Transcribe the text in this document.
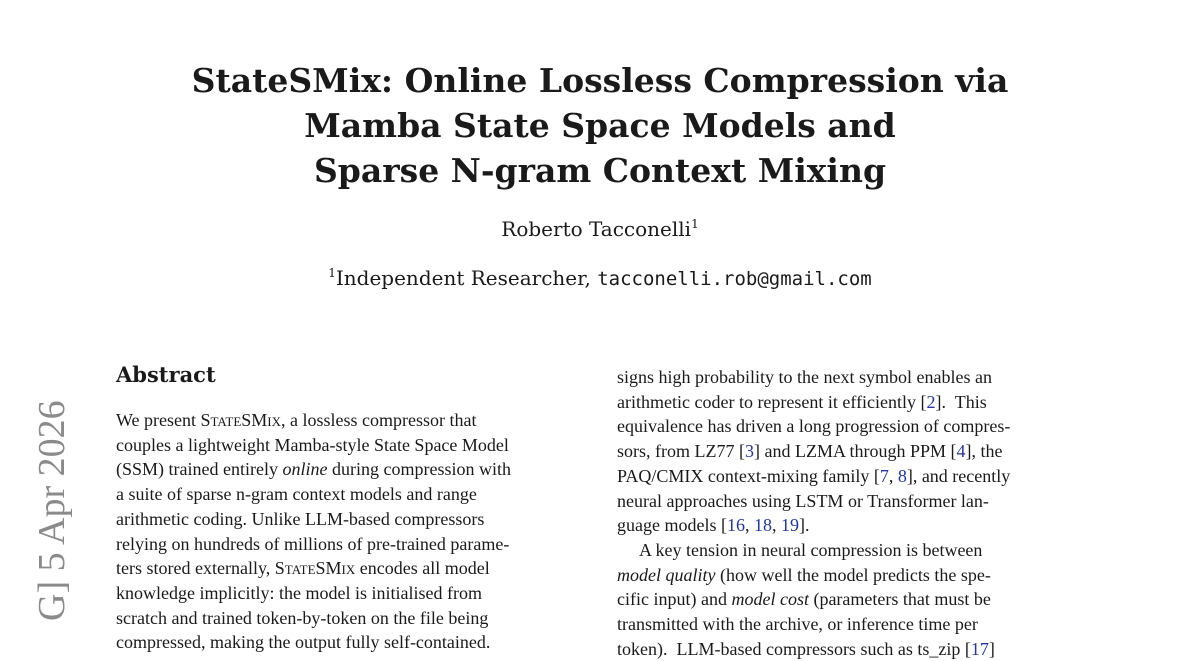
StateSMix: Online Lossless Compression via
Mamba State Space Models and
Sparse N-gram Context Mixing
Roberto Tacconelli$^1$
$^1$Independent Researcher, tacconelli.rob@gmail.com
G] 5 Apr 2026
Abstract
We present StateSMix, a lossless compressor that
couples a lightweight Mamba-style State Space Model
(SSM) trained entirely online during compression with
a suite of sparse n-gram context models and range
arithmetic coding. Unlike LLM-based compressors
relying on hundreds of millions of pre-trained parame-
ters stored externally, StateSMix encodes all model
knowledge implicitly: the model is initialised from
scratch and trained token-by-token on the file being
compressed, making the output fully self-contained.
signs high probability to the next symbol enables an
arithmetic coder to represent it efficiently [2].  This
equivalence has driven a long progression of compres-
sors, from LZ77 [3] and LZMA through PPM [4], the
PAQ/CMIX context-mixing family [7, 8], and recently
neural approaches using LSTM or Transformer lan-
guage models [16, 18, 19].
A key tension in neural compression is between
model quality (how well the model predicts the spe-
cific input) and model cost (parameters that must be
transmitted with the archive, or inference time per
token).  LLM-based compressors such as ts_zip [17]
